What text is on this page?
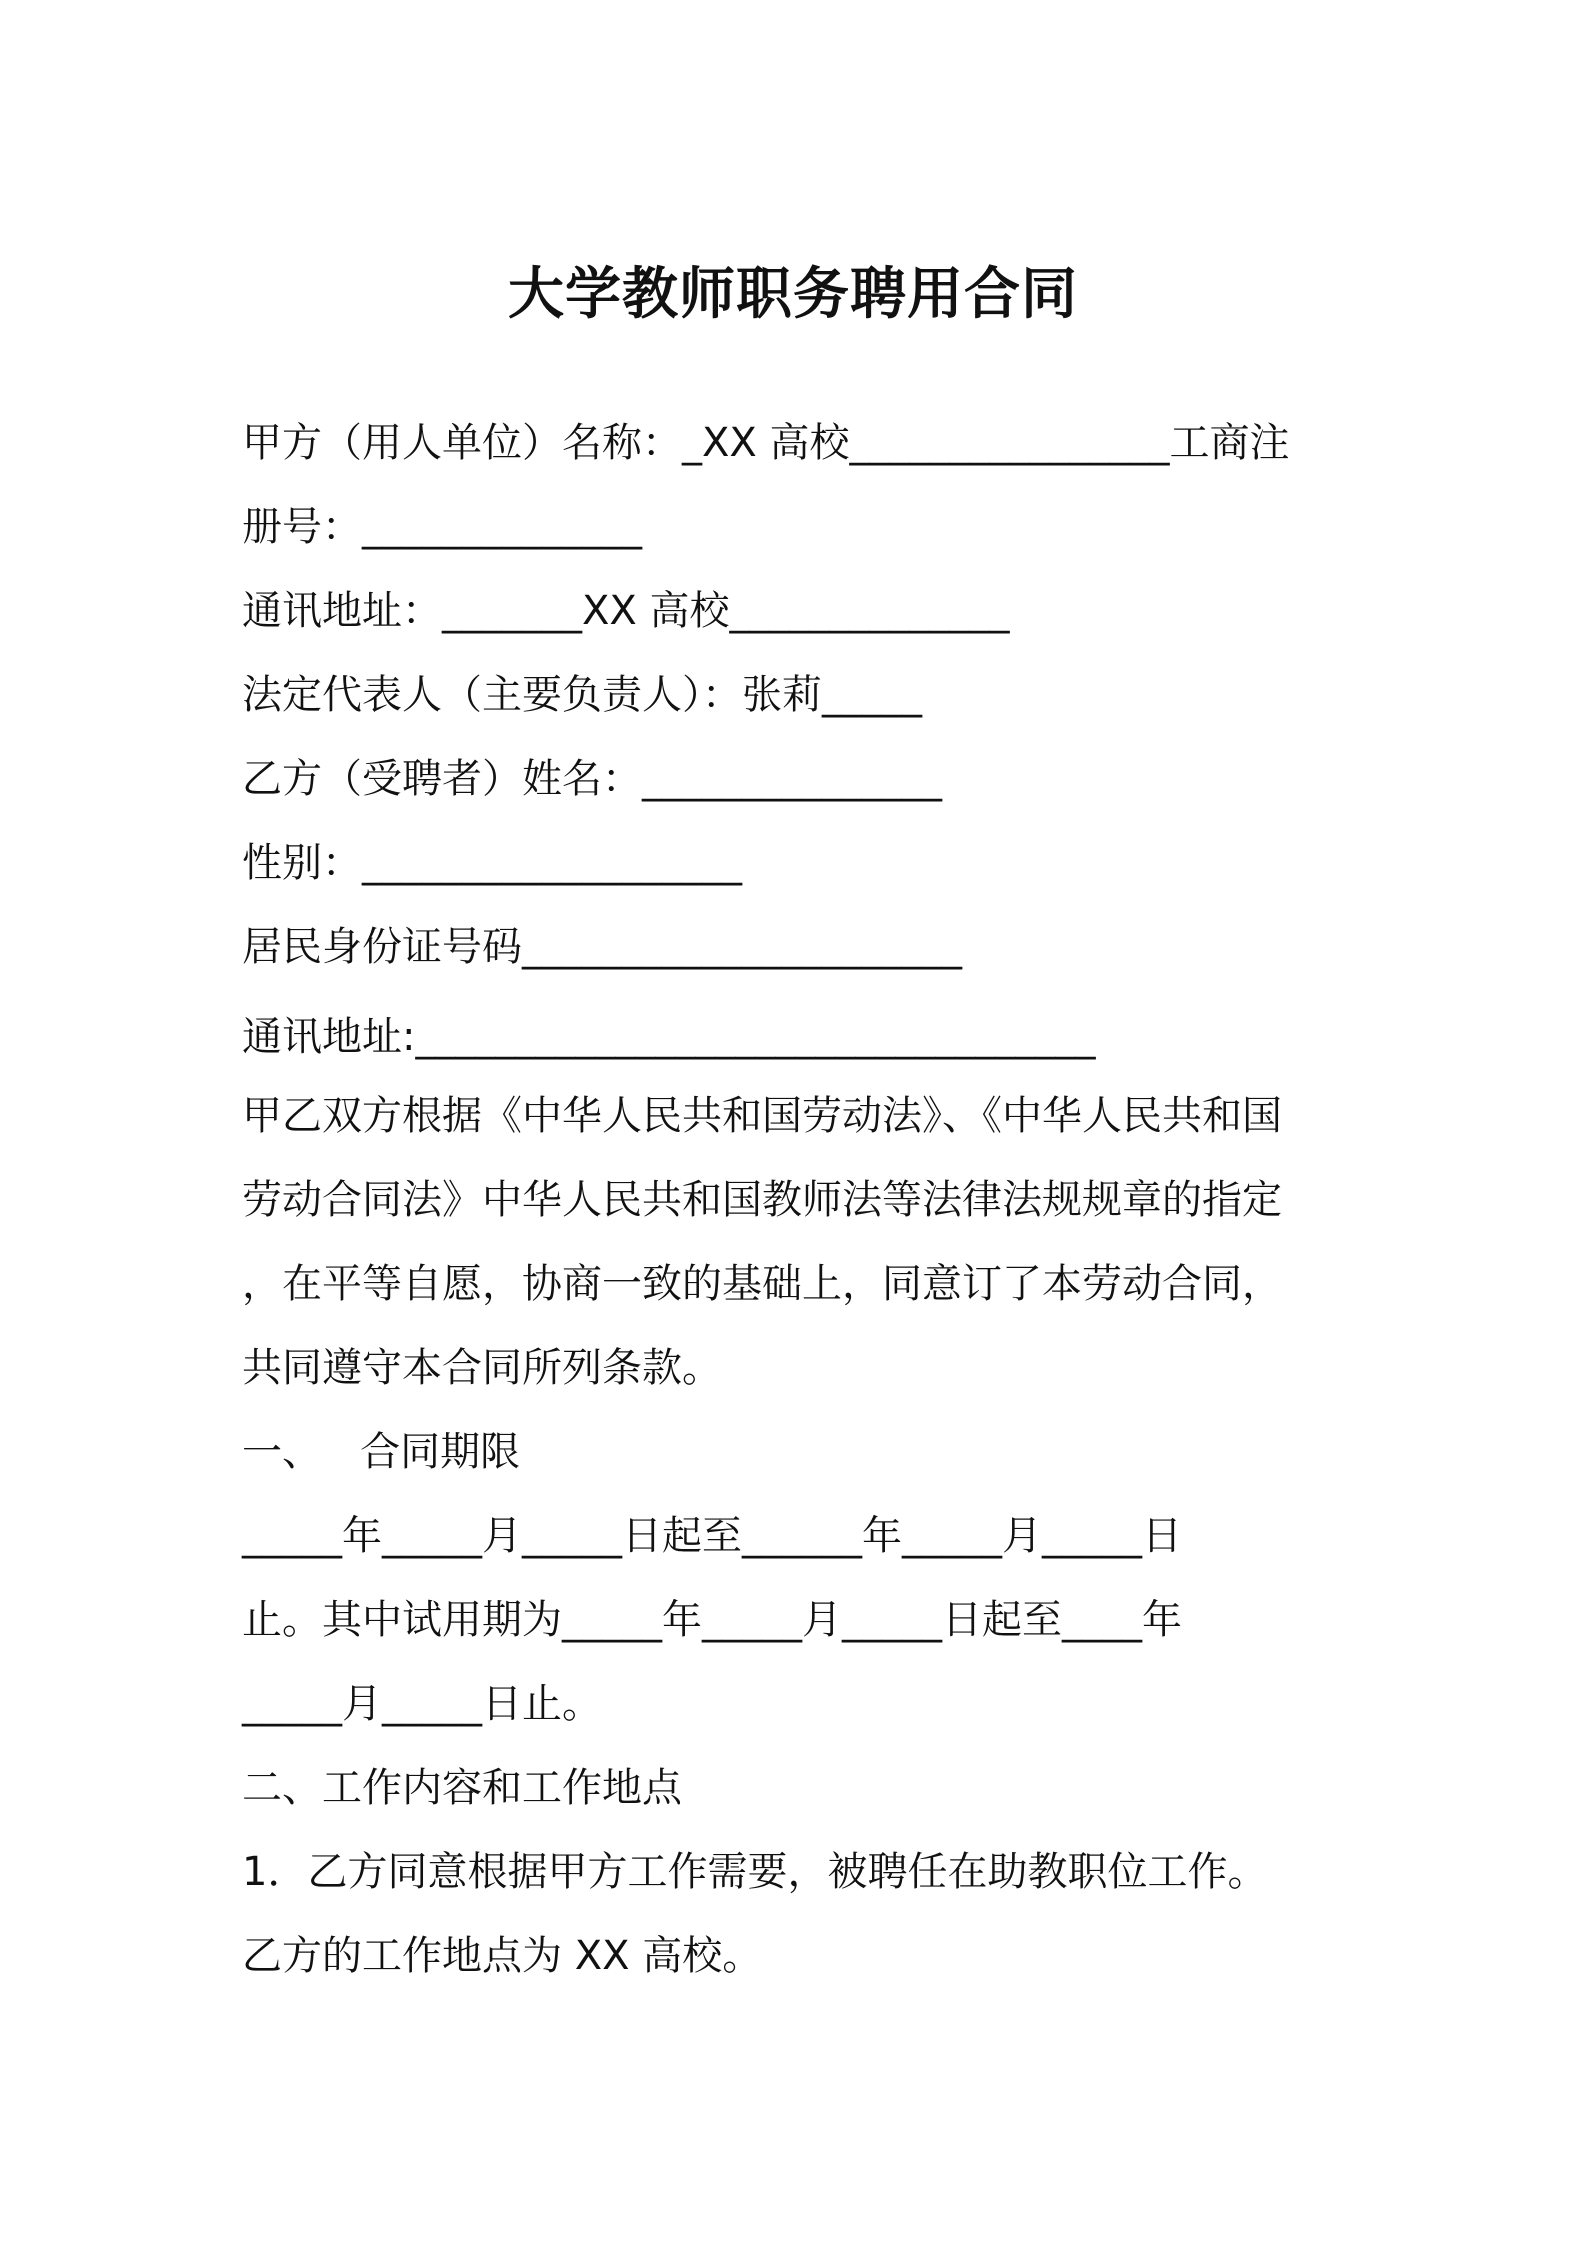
大学教师职务聘用合同

甲方（用人单位）名称：_XX 高校________________工商注

册号：______________

通讯地址：_______XX 高校______________

法定代表人（主要负责人）：张莉_____

乙方（受聘者）姓名：_______________

性别：___________________

居民身份证号码______________________

通讯地址:__________________________________

甲乙双方根据《中华人民共和国劳动法》、《中华人民共和国

劳动合同法》中华人民共和国教师法等法律法规规章的指定

，在平等自愿，协商一致的基础上，同意订了本劳动合同，

共同遵守本合同所列条款。

一、   合同期限

_____年_____月_____日起至______年_____月_____日

止。其中试用期为_____年_____月_____日起至____年

_____月_____日止。

二、工作内容和工作地点

1．乙方同意根据甲方工作需要，被聘任在助教职位工作。

乙方的工作地点为 XX 高校。
